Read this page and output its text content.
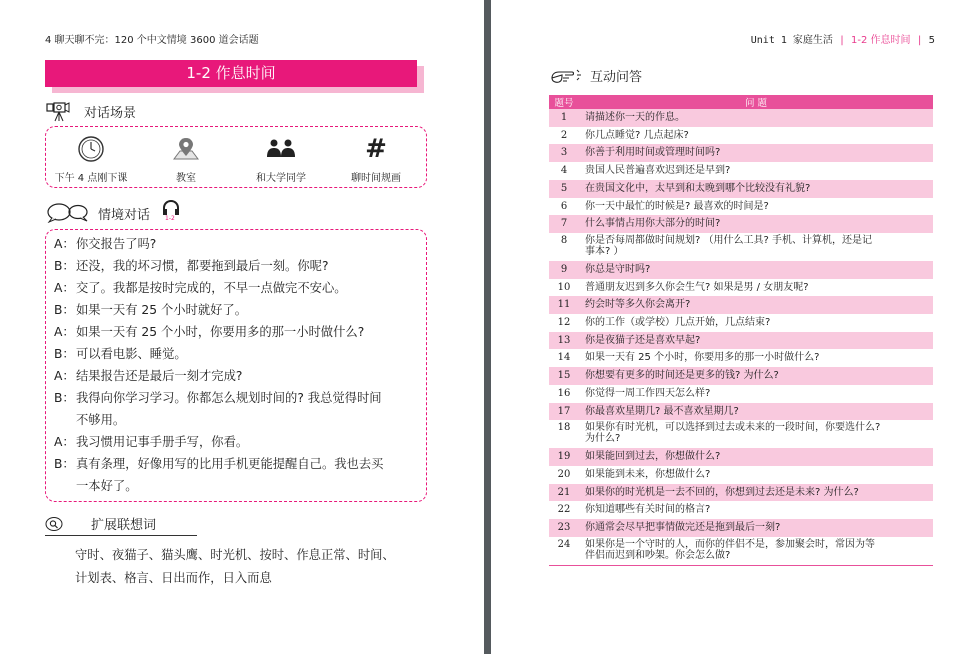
4 聊天聊不完：120 个中文情境 3600 道会话题
1-2 作息时间
对话场景
下午 4 点刚下课	教室	和大学同学
#
聊时间规画
情境对话	1-2
A：你交报告了吗?
B：还没，我的坏习惯，都要拖到最后一刻。你呢?
A：交了。我都是按时完成的，不早一点做完不安心。
B：如果一天有 25 个小时就好了。
A：如果一天有 25 个小时，你要用多的那一小时做什么?
B：可以看电影、睡觉。
A：结果报告还是最后一刻才完成?
B：我得向你学习学习。你都怎么规划时间的? 我总觉得时间
不够用。
A：我习惯用记事手册手写，你看。
B：真有条理，好像用写的比用手机更能提醒自己。我也去买
一本好了。
扩展联想词
守时、夜猫子、猫头鹰、时光机、按时、作息正常、时间、
计划表、格言、日出而作，日入而息
Unit 1 家庭生活 | 1-2 作息时间 | 5
互动问答
题号	问 题
1	请描述你一天的作息。

2	你几点睡觉? 几点起床?

3	你善于利用时间或管理时间吗?

4	贵国人民普遍喜欢迟到还是早到?

5	在贵国文化中，太早到和太晚到哪个比较没有礼貌?

6	你一天中最忙的时候是? 最喜欢的时间是?

7	什么事情占用你大部分的时间?

8	你是否每周都做时间规划? （用什么工具? 手机、计算机，还是记
事本? ）

9	你总是守时吗?

10	普通朋友迟到多久你会生气? 如果是男 / 女朋友呢?

11	约会时等多久你会离开?

12	你的工作（或学校）几点开始，几点结束?

13	你是夜猫子还是喜欢早起?

14	如果一天有 25 个小时，你要用多的那一小时做什么?

15	你想要有更多的时间还是更多的钱? 为什么?

16	你觉得一周工作四天怎么样?

17	你最喜欢星期几? 最不喜欢星期几?

18	如果你有时光机，可以选择到过去或未来的一段时间，你要选什么?
为什么?

19	如果能回到过去，你想做什么?

20	如果能到未来，你想做什么?

21	如果你的时光机是一去不回的，你想到过去还是未来? 为什么?

22	你知道哪些有关时间的格言?

23	你通常会尽早把事情做完还是拖到最后一刻?

24	如果你是一个守时的人，而你的伴侣不是，参加聚会时，常因为等
伴侣而迟到和吵架。你会怎么做?
